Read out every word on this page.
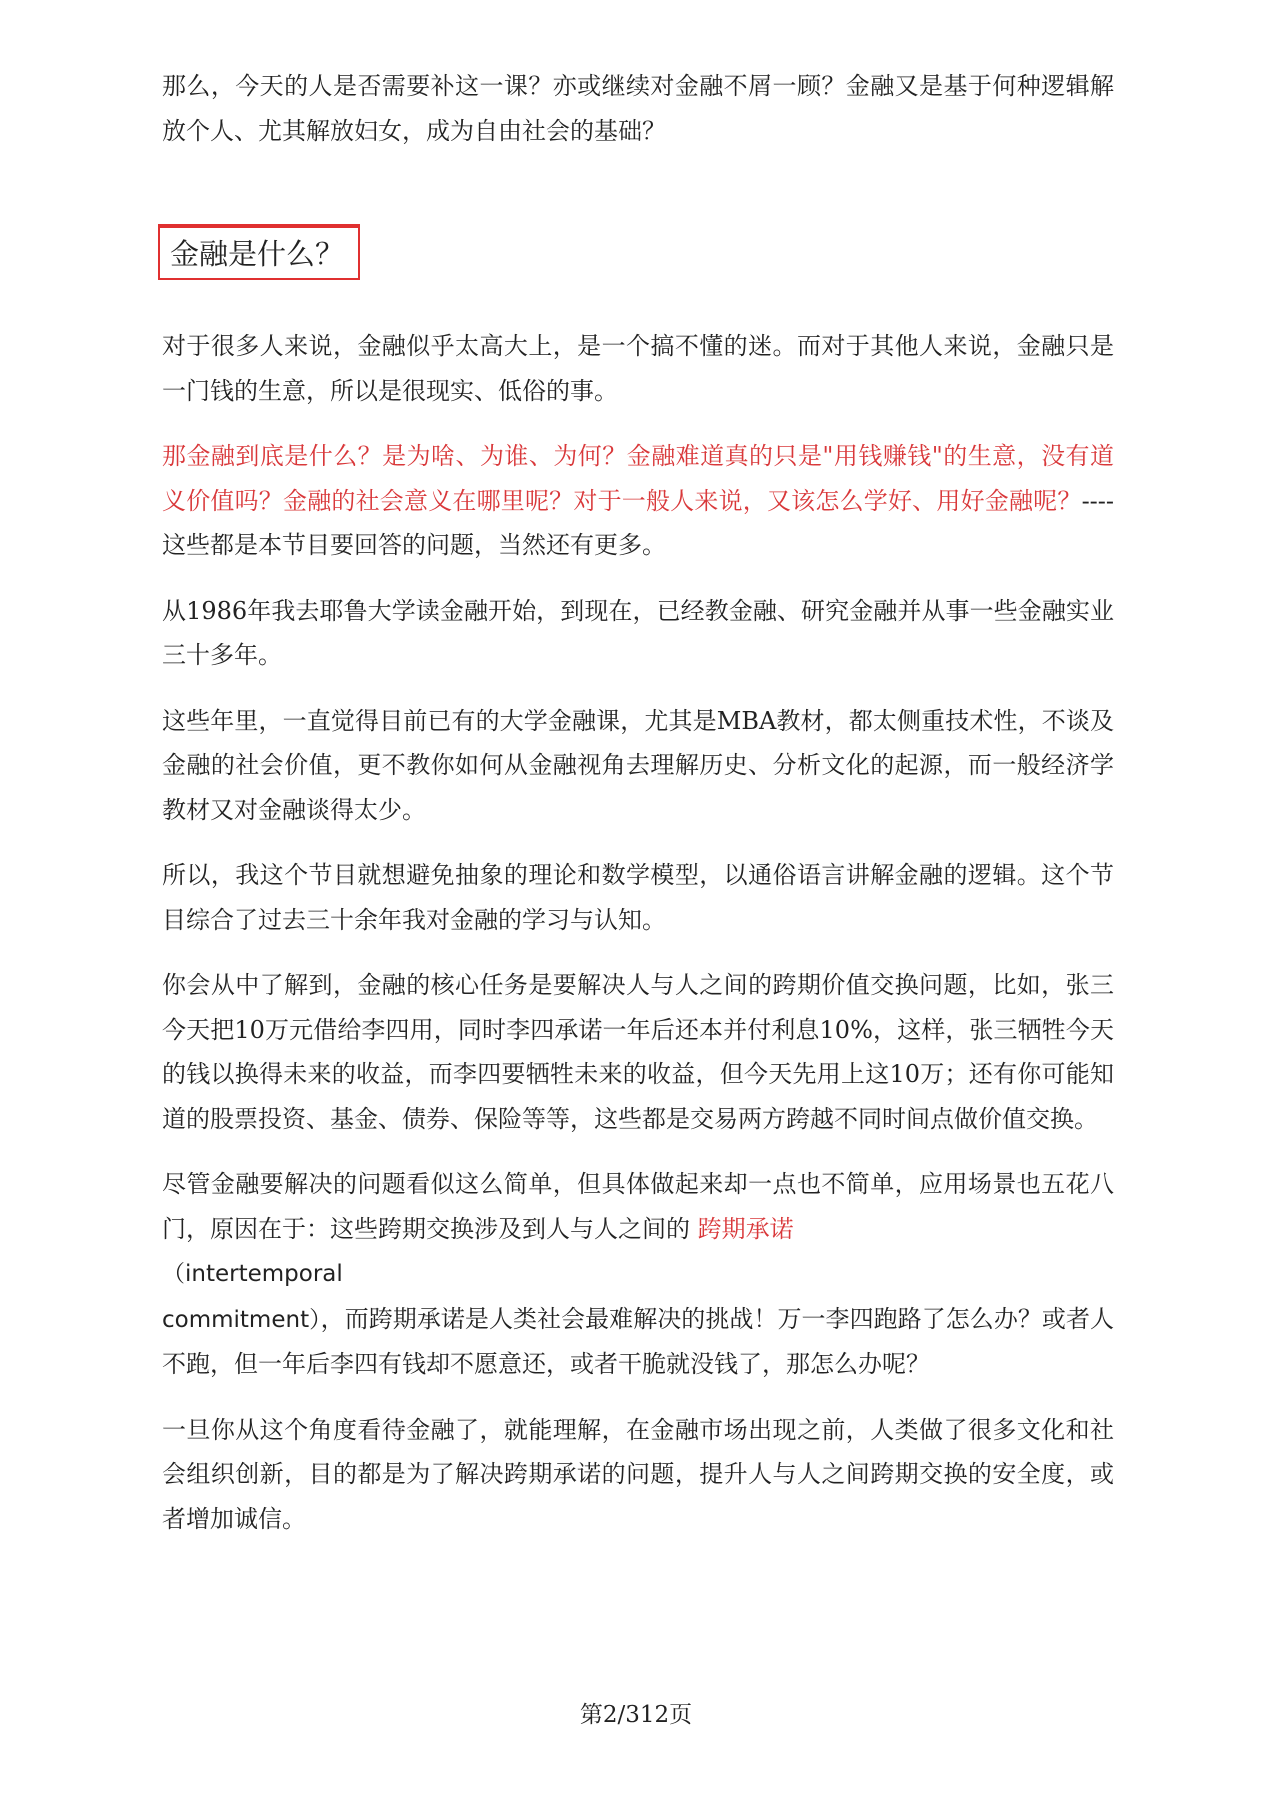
那么，今天的人是否需要补这一课？亦或继续对金融不屑一顾？金融又是基于何种逻辑解放个人、尤其解放妇女，成为自由社会的基础？

金融是什么？

对于很多人来说，金融似乎太高大上，是一个搞不懂的迷。而对于其他人来说，金融只是一门钱的生意，所以是很现实、低俗的事。

那金融到底是什么？是为啥、为谁、为何？金融难道真的只是"用钱赚钱"的生意，没有道义价值吗？金融的社会意义在哪里呢？对于一般人来说，又该怎么学好、用好金融呢？----这些都是本节目要回答的问题，当然还有更多。

从1986年我去耶鲁大学读金融开始，到现在，已经教金融、研究金融并从事一些金融实业三十多年。

这些年里，一直觉得目前已有的大学金融课，尤其是MBA教材，都太侧重技术性，不谈及金融的社会价值，更不教你如何从金融视角去理解历史、分析文化的起源，而一般经济学教材又对金融谈得太少。

所以，我这个节目就想避免抽象的理论和数学模型，以通俗语言讲解金融的逻辑。这个节目综合了过去三十余年我对金融的学习与认知。

你会从中了解到，金融的核心任务是要解决人与人之间的跨期价值交换问题，比如，张三今天把10万元借给李四用，同时李四承诺一年后还本并付利息10%，这样，张三牺牲今天的钱以换得未来的收益，而李四要牺牲未来的收益，但今天先用上这10万；还有你可能知道的股票投资、基金、债券、保险等等，这些都是交易两方跨越不同时间点做价值交换。

尽管金融要解决的问题看似这么简单，但具体做起来却一点也不简单，应用场景也五花八门，原因在于：这些跨期交换涉及到人与人之间的 跨期承诺
（intertemporal
commitment），而跨期承诺是人类社会最难解决的挑战！万一李四跑路了怎么办？或者人不跑，但一年后李四有钱却不愿意还，或者干脆就没钱了，那怎么办呢？

一旦你从这个角度看待金融了，就能理解，在金融市场出现之前，人类做了很多文化和社会组织创新，目的都是为了解决跨期承诺的问题，提升人与人之间跨期交换的安全度，或者增加诚信。

第2/312页
